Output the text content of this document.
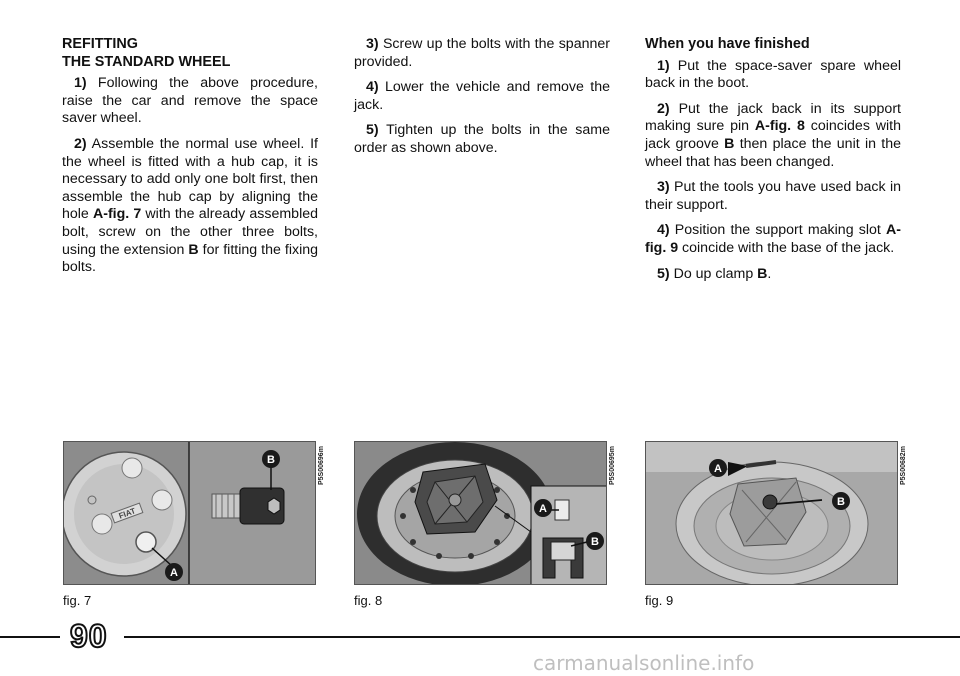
REFITTING
THE STANDARD WHEEL

1) Following the above procedure, raise the car and remove the space saver wheel.

2) Assemble the normal use wheel. If the wheel is fitted with a hub cap, it is necessary to add only one bolt first, then assemble the hub cap by aligning the hole A-fig. 7 with the already assembled bolt, screw on the other three bolts, using the extension B for fitting the fixing bolts.

3) Screw up the bolts with the spanner provided.

4) Lower the vehicle and remove the jack.

5) Tighten up the bolts in the same order as shown above.

When you have finished

1) Put the space-saver spare wheel back in the boot.

2) Put the jack back in its support making sure pin A-fig. 8 coincides with jack groove B then place the unit in the wheel that has been changed.

3) Put the tools you have used back in their support.

4) Position the support making slot A-fig. 9 coincide with the base of the jack.

5) Do up clamp B.

FIAT
A
B	P5S00696m
fig. 7
A
B
P5S00695m
fig. 8
A
B
P5S00682m
fig. 9
90
carmanualsonline.info
